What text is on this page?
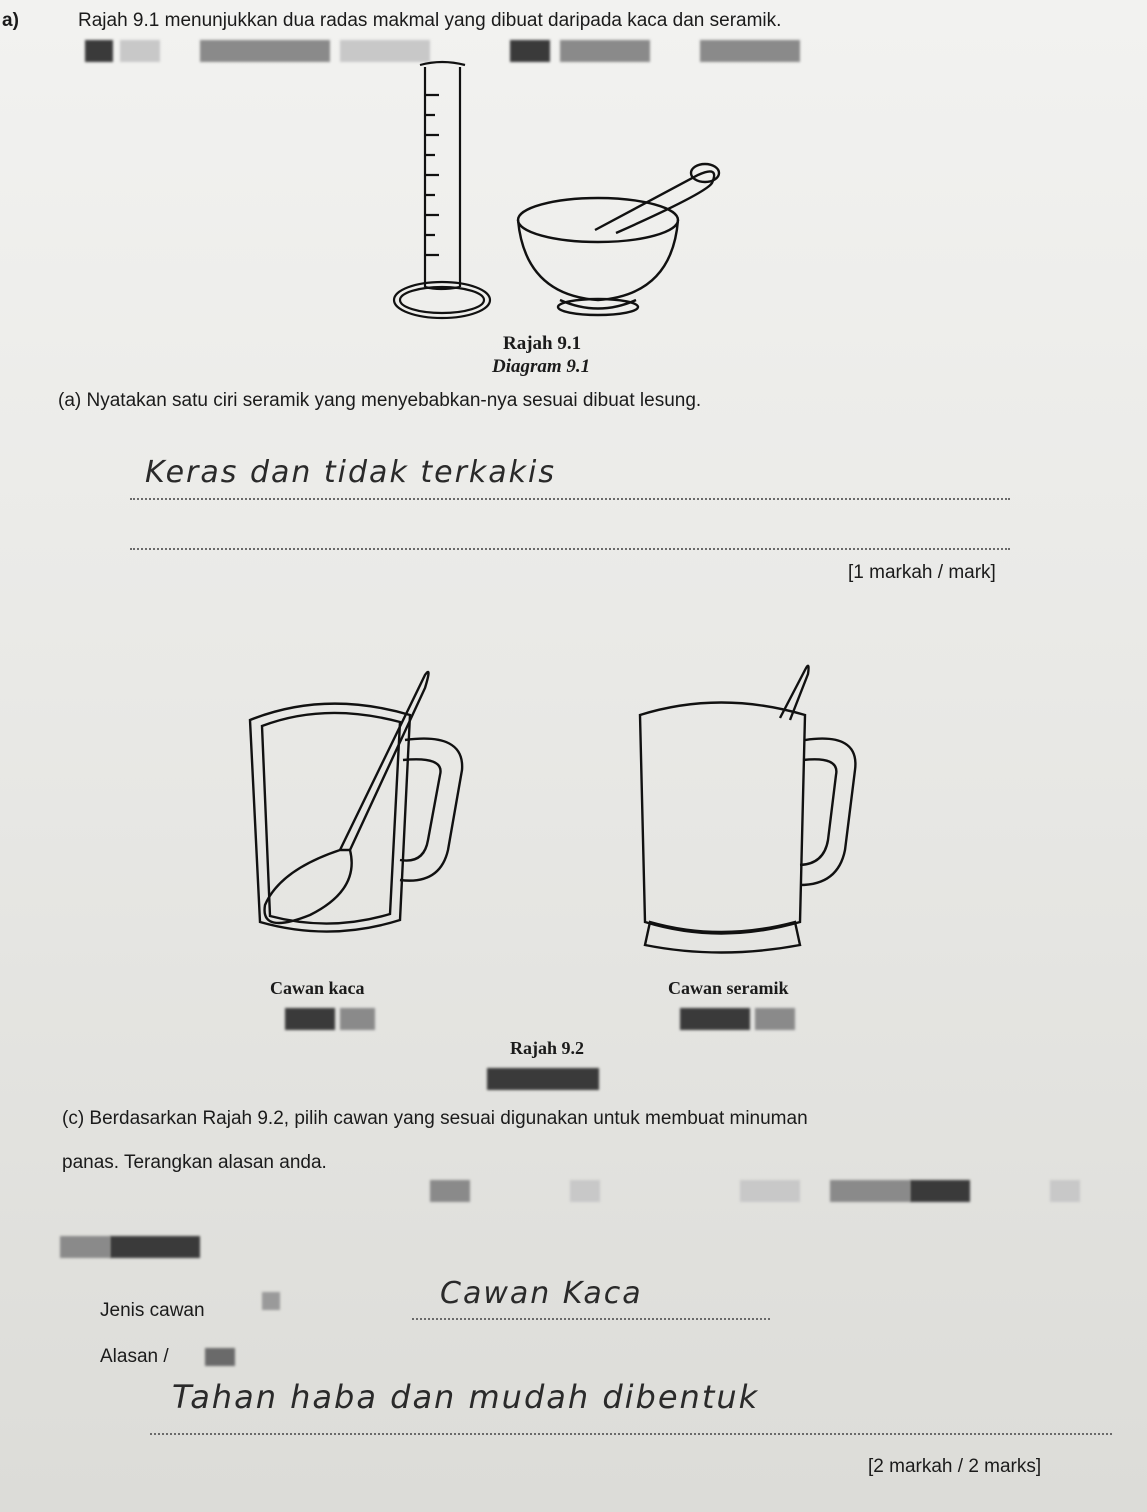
a)	Rajah 9.1 menunjukkan dua radas makmal yang dibuat daripada kaca dan seramik.
Rajah 9.1
Diagram 9.1
(a) Nyatakan satu ciri seramik yang menyebabkan-nya sesuai dibuat lesung.
Keras dan tidak terkakis
[1 markah / mark]
Cawan kaca	Cawan seramik
Rajah 9.2
(c) Berdasarkan Rajah 9.2, pilih cawan yang sesuai digunakan untuk membuat minuman
panas. Terangkan alasan anda.
Jenis cawan	Cawan Kaca
Alasan /
Tahan haba dan mudah dibentuk
[2 markah / 2 marks]
